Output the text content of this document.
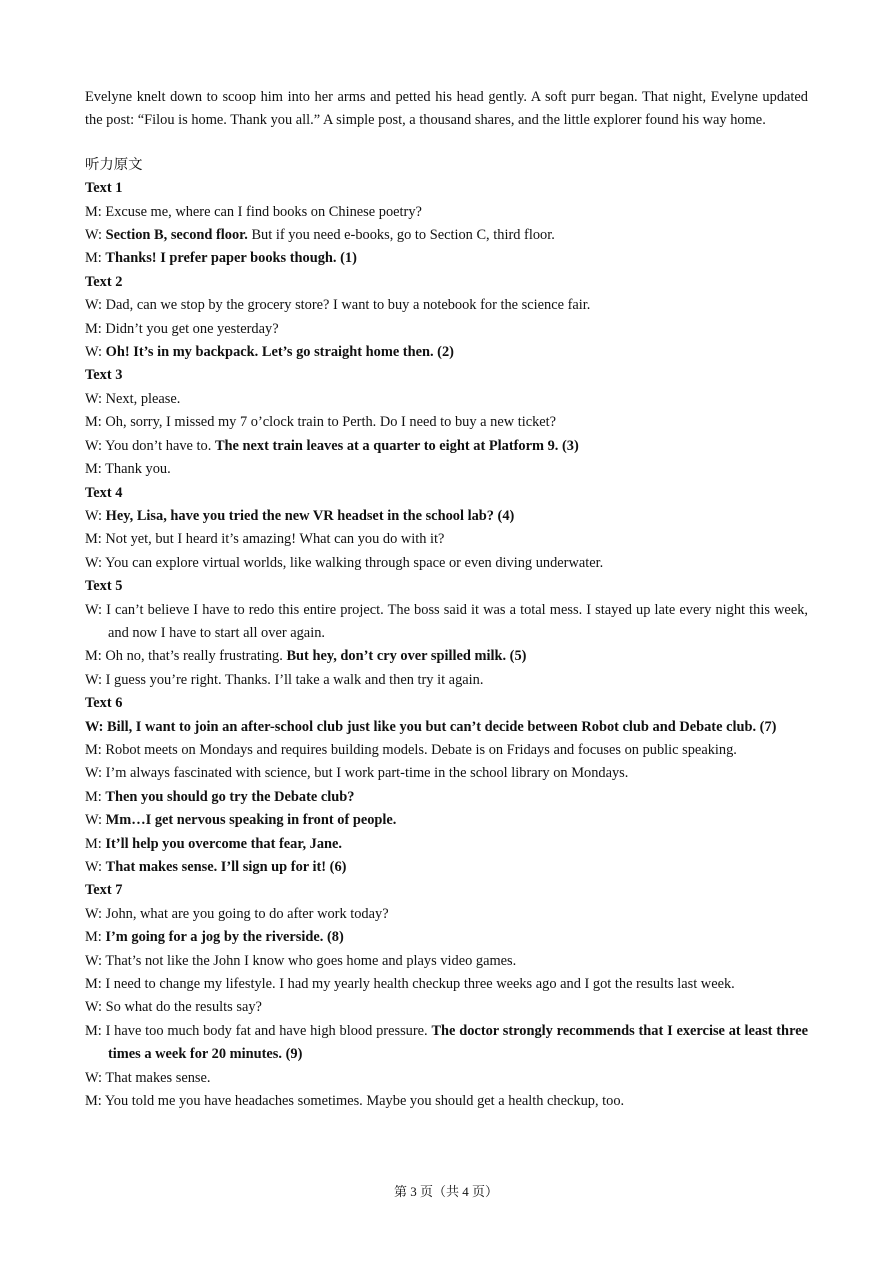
Evelyne knelt down to scoop him into her arms and petted his head gently. A soft purr began. That night, Evelyne updated the post: “Filou is home. Thank you all.” A simple post, a thousand shares, and the little explorer found his way home.

听力原文
Text 1

M: Excuse me, where can I find books on Chinese poetry?

W: Section B, second floor. But if you need e-books, go to Section C, third floor.

M: Thanks! I prefer paper books though. (1)

Text 2

W: Dad, can we stop by the grocery store? I want to buy a notebook for the science fair.

M: Didn’t you get one yesterday?

W: Oh! It’s in my backpack. Let’s go straight home then. (2)

Text 3

W: Next, please.

M: Oh, sorry, I missed my 7 o’clock train to Perth. Do I need to buy a new ticket?

W: You don’t have to. The next train leaves at a quarter to eight at Platform 9. (3)

M: Thank you.

Text 4

W: Hey, Lisa, have you tried the new VR headset in the school lab? (4)

M: Not yet, but I heard it’s amazing! What can you do with it?

W: You can explore virtual worlds, like walking through space or even diving underwater.

Text 5

W: I can’t believe I have to redo this entire project. The boss said it was a total mess. I stayed up late every night this week, and now I have to start all over again.

M: Oh no, that’s really frustrating. But hey, don’t cry over spilled milk. (5)

W: I guess you’re right. Thanks. I’ll take a walk and then try it again.

Text 6

W: Bill, I want to join an after-school club just like you but can’t decide between Robot club and Debate club. (7)

M: Robot meets on Mondays and requires building models. Debate is on Fridays and focuses on public speaking.

W: I’m always fascinated with science, but I work part-time in the school library on Mondays.

M: Then you should go try the Debate club?

W: Mm…I get nervous speaking in front of people.

M: It’ll help you overcome that fear, Jane.

W: That makes sense. I’ll sign up for it! (6)

Text 7

W: John, what are you going to do after work today?

M: I’m going for a jog by the riverside. (8)

W: That’s not like the John I know who goes home and plays video games.

M: I need to change my lifestyle. I had my yearly health checkup three weeks ago and I got the results last week.

W: So what do the results say?

M: I have too much body fat and have high blood pressure. The doctor strongly recommends that I exercise at least three times a week for 20 minutes. (9)

W: That makes sense.

M: You told me you have headaches sometimes. Maybe you should get a health checkup, too.

第 3 页（共 4 页）
